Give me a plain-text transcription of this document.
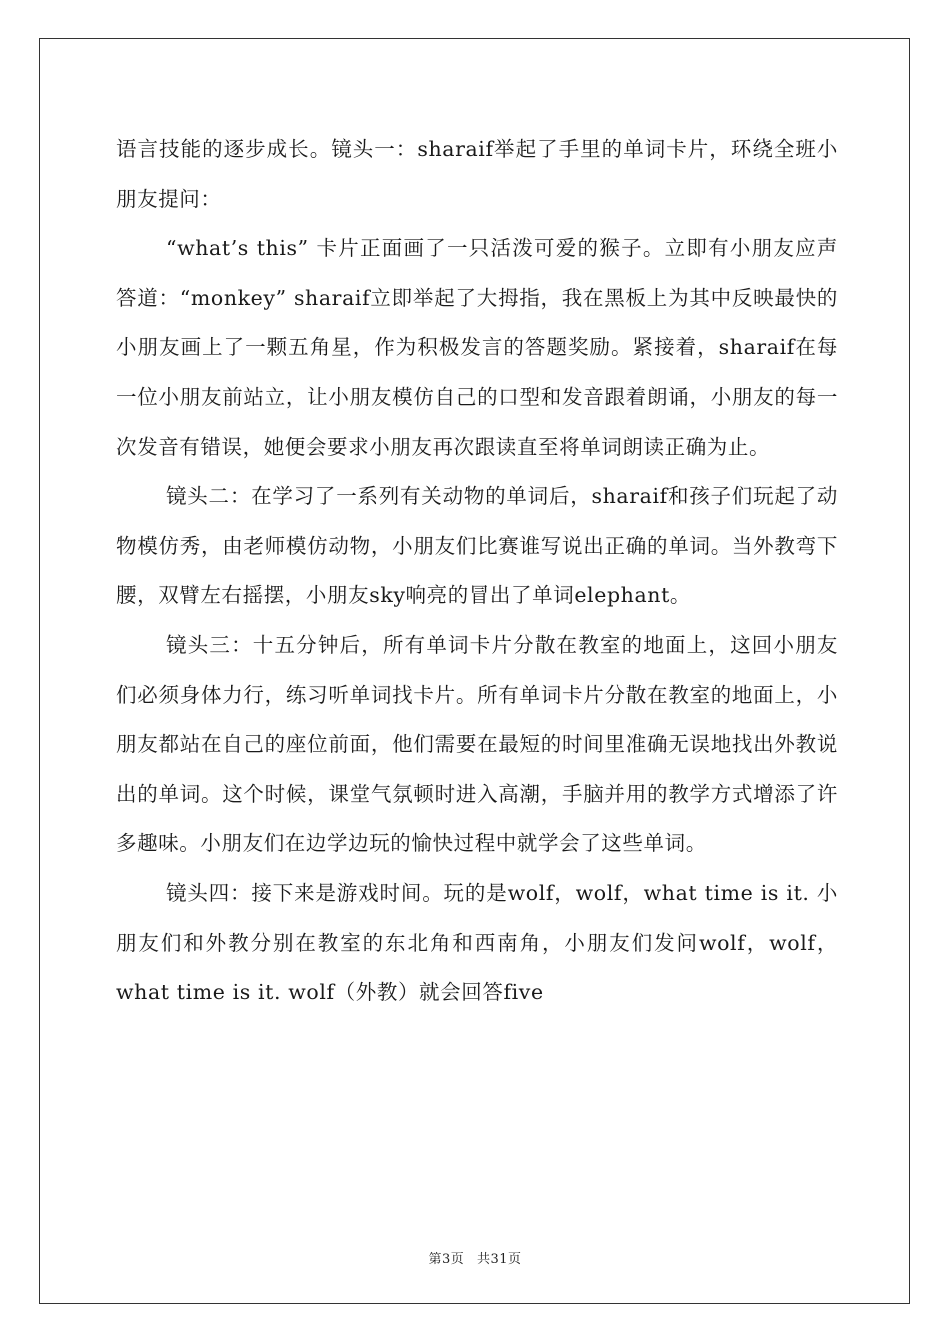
语言技能的逐步成长。镜头一：sharaif举起了手里的单词卡片，环绕全班小朋友提问：

“what’s this” 卡片正面画了一只活泼可爱的猴子。立即有小朋友应声答道：“monkey” sharaif立即举起了大拇指，我在黑板上为其中反映最快的小朋友画上了一颗五角星，作为积极发言的答题奖励。紧接着，sharaif在每一位小朋友前站立，让小朋友模仿自己的口型和发音跟着朗诵，小朋友的每一次发音有错误，她便会要求小朋友再次跟读直至将单词朗读正确为止。

镜头二：在学习了一系列有关动物的单词后，sharaif和孩子们玩起了动物模仿秀，由老师模仿动物，小朋友们比赛谁写说出正确的单词。当外教弯下腰，双臂左右摇摆，小朋友sky响亮的冒出了单词elephant。

镜头三：十五分钟后，所有单词卡片分散在教室的地面上，这回小朋友们必须身体力行，练习听单词找卡片。所有单词卡片分散在教室的地面上，小朋友都站在自己的座位前面，他们需要在最短的时间里准确无误地找出外教说出的单词。这个时候，课堂气氛顿时进入高潮，手脑并用的教学方式增添了许多趣味。小朋友们在边学边玩的愉快过程中就学会了这些单词。

镜头四：接下来是游戏时间。玩的是wolf，wolf，what time is it. 小朋友们和外教分别在教室的东北角和西南角，小朋友们发问wolf，wolf，what time is it. wolf（外教）就会回答five

第3页 共31页
